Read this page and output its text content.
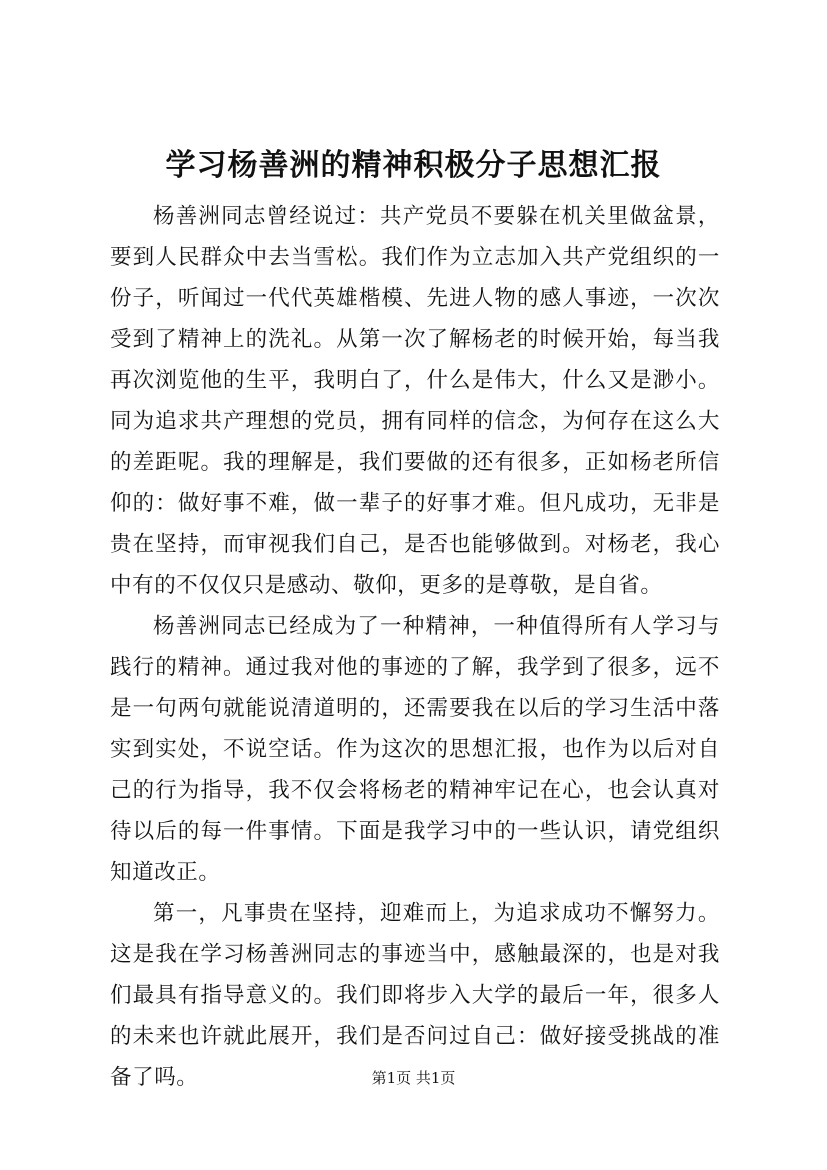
学习杨善洲的精神积极分子思想汇报

杨善洲同志曾经说过：共产党员不要躲在机关里做盆景，要到人民群众中去当雪松。我们作为立志加入共产党组织的一份子，听闻过一代代英雄楷模、先进人物的感人事迹，一次次受到了精神上的洗礼。从第一次了解杨老的时候开始，每当我再次浏览他的生平，我明白了，什么是伟大，什么又是渺小。同为追求共产理想的党员，拥有同样的信念，为何存在这么大的差距呢。我的理解是，我们要做的还有很多，正如杨老所信仰的：做好事不难，做一辈子的好事才难。但凡成功，无非是贵在坚持，而审视我们自己，是否也能够做到。对杨老，我心中有的不仅仅只是感动、敬仰，更多的是尊敬，是自省。

杨善洲同志已经成为了一种精神，一种值得所有人学习与践行的精神。通过我对他的事迹的了解，我学到了很多，远不是一句两句就能说清道明的，还需要我在以后的学习生活中落实到实处，不说空话。作为这次的思想汇报，也作为以后对自己的行为指导，我不仅会将杨老的精神牢记在心，也会认真对待以后的每一件事情。下面是我学习中的一些认识，请党组织知道改正。

第一，凡事贵在坚持，迎难而上，为追求成功不懈努力。这是我在学习杨善洲同志的事迹当中，感触最深的，也是对我们最具有指导意义的。我们即将步入大学的最后一年，很多人的未来也许就此展开，我们是否问过自己：做好接受挑战的准备了吗。	第1页 共1页
